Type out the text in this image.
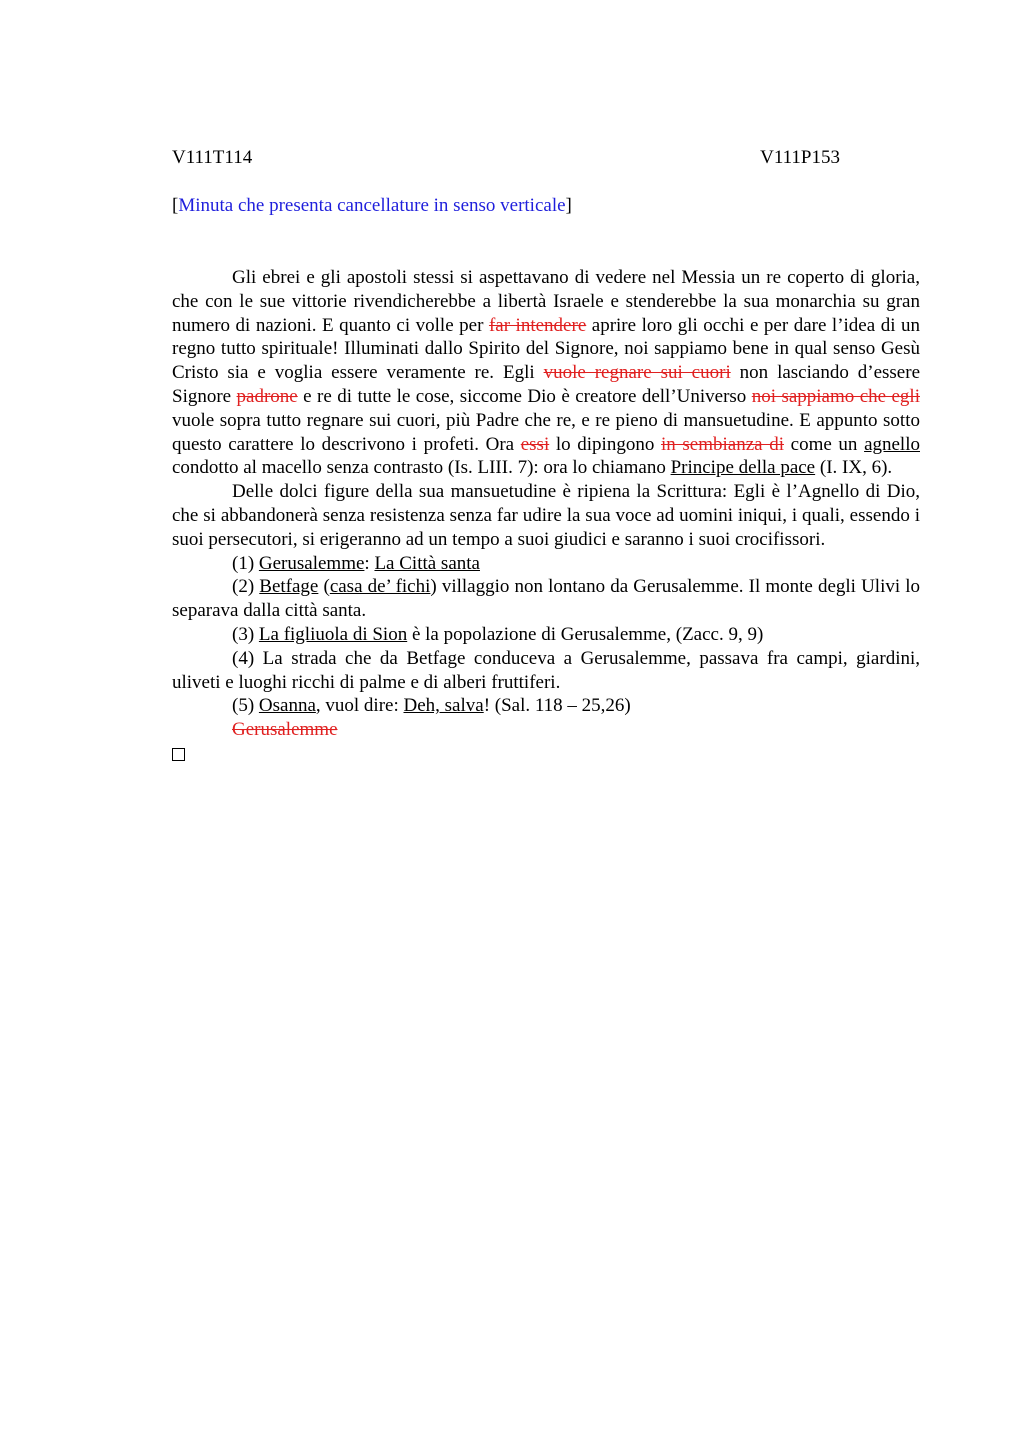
V111T114	V111P153
[Minuta che presenta cancellature in senso verticale]

Gli ebrei e gli apostoli stessi si aspettavano di vedere nel Messia un re coperto di gloria, che con le sue vittorie rivendicherebbe a libertà Israele e stenderebbe la sua monarchia su gran numero di nazioni. E quanto ci volle per far intendere aprire loro gli occhi e per dare l’idea di un regno tutto spirituale! Illuminati dallo Spirito del Signore, noi sappiamo bene in qual senso Gesù Cristo sia e voglia essere veramente re. Egli vuole regnare sui cuori non lasciando d’essere Signore padrone e re di tutte le cose, siccome Dio è creatore dell’Universo noi sappiamo che egli vuole sopra tutto regnare sui cuori, più Padre che re, e re pieno di mansuetudine. E appunto sotto questo carattere lo descrivono i profeti. Ora essi lo dipingono in sembianza di come un agnello condotto al macello senza contrasto (Is. LIII. 7): ora lo chiamano Principe della pace (I. IX, 6).

Delle dolci figure della sua mansuetudine è ripiena la Scrittura: Egli è l’Agnello di Dio, che si abbandonerà senza resistenza senza far udire la sua voce ad uomini iniqui, i quali, essendo i suoi persecutori, si erigeranno ad un tempo a suoi giudici e saranno i suoi crocifissori.

(1) Gerusalemme: La Città santa

(2) Betfage (casa de’ fichi) villaggio non lontano da Gerusalemme. Il monte degli Ulivi lo separava dalla città santa.

(3) La figliuola di Sion è la popolazione di Gerusalemme, (Zacc. 9, 9)

(4) La strada che da Betfage conduceva a Gerusalemme, passava fra campi, giardini, uliveti e luoghi ricchi di palme e di alberi fruttiferi.

(5) Osanna, vuol dire: Deh, salva! (Sal. 118 – 25,26)

Gerusalemme
